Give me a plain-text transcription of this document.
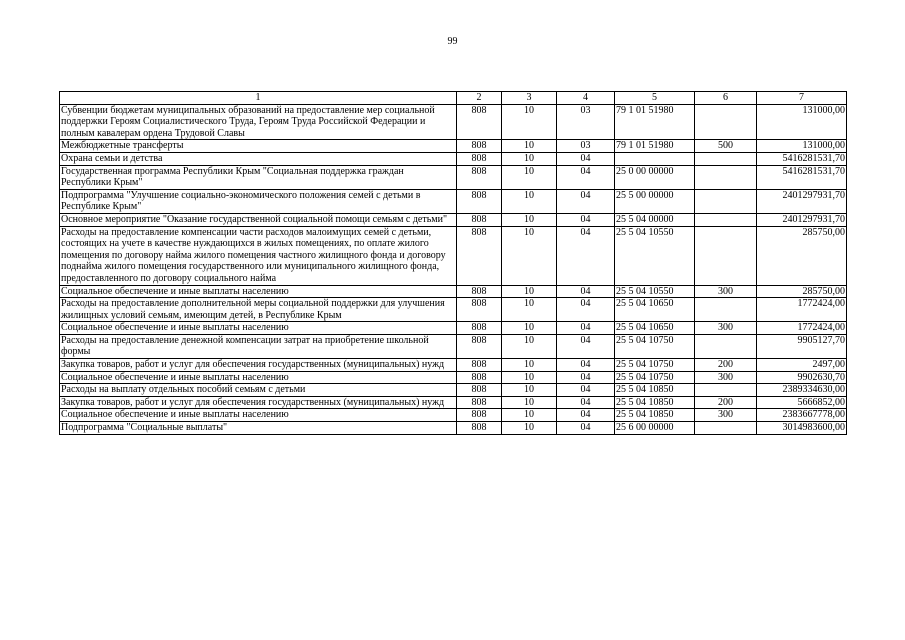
99
1	2	3	4	5	6	7
Субвенции бюджетам муниципальных образований на предоставление мер социальной поддержки Героям Социалистического Труда, Героям Труда Российской Федерации и полным кавалерам ордена Трудовой Славы	808	10	03	79 1 01 51980		131000,00
Межбюджетные трансферты	808	10	03	79 1 01 51980	500	131000,00
Охрана семьи и детства	808	10	04			5416281531,70
Государственная программа Республики Крым "Социальная поддержка граждан Республики Крым"	808	10	04	25 0 00 00000		5416281531,70
Подпрограмма "Улучшение социально-экономического положения семей с детьми в Республике Крым"	808	10	04	25 5 00 00000		2401297931,70
Основное мероприятие "Оказание государственной социальной помощи семьям с детьми"	808	10	04	25 5 04 00000		2401297931,70
Расходы на предоставление компенсации части расходов малоимущих семей с детьми, состоящих на учете в качестве нуждающихся в жилых помещениях, по оплате жилого помещения по договору найма жилого помещения частного жилищного фонда и договору поднайма жилого помещения государственного или муниципального жилищного фонда, предоставленного по договору социального найма	808	10	04	25 5 04 10550		285750,00
Социальное обеспечение и иные выплаты населению	808	10	04	25 5 04 10550	300	285750,00
Расходы на предоставление дополнительной меры социальной поддержки для улучшения жилищных условий семьям, имеющим детей, в Республике Крым	808	10	04	25 5 04 10650		1772424,00
Социальное обеспечение и иные выплаты населению	808	10	04	25 5 04 10650	300	1772424,00
Расходы на предоставление денежной компенсации затрат на приобретение школьной формы	808	10	04	25 5 04 10750		9905127,70
Закупка товаров, работ и услуг для обеспечения государственных (муниципальных) нужд	808	10	04	25 5 04 10750	200	2497,00
Социальное обеспечение и иные выплаты населению	808	10	04	25 5 04 10750	300	9902630,70
Расходы на выплату отдельных пособий семьям с детьми	808	10	04	25 5 04 10850		2389334630,00
Закупка товаров, работ и услуг для обеспечения государственных (муниципальных) нужд	808	10	04	25 5 04 10850	200	5666852,00
Социальное обеспечение и иные выплаты населению	808	10	04	25 5 04 10850	300	2383667778,00
Подпрограмма "Социальные выплаты"	808	10	04	25 6 00 00000		3014983600,00
